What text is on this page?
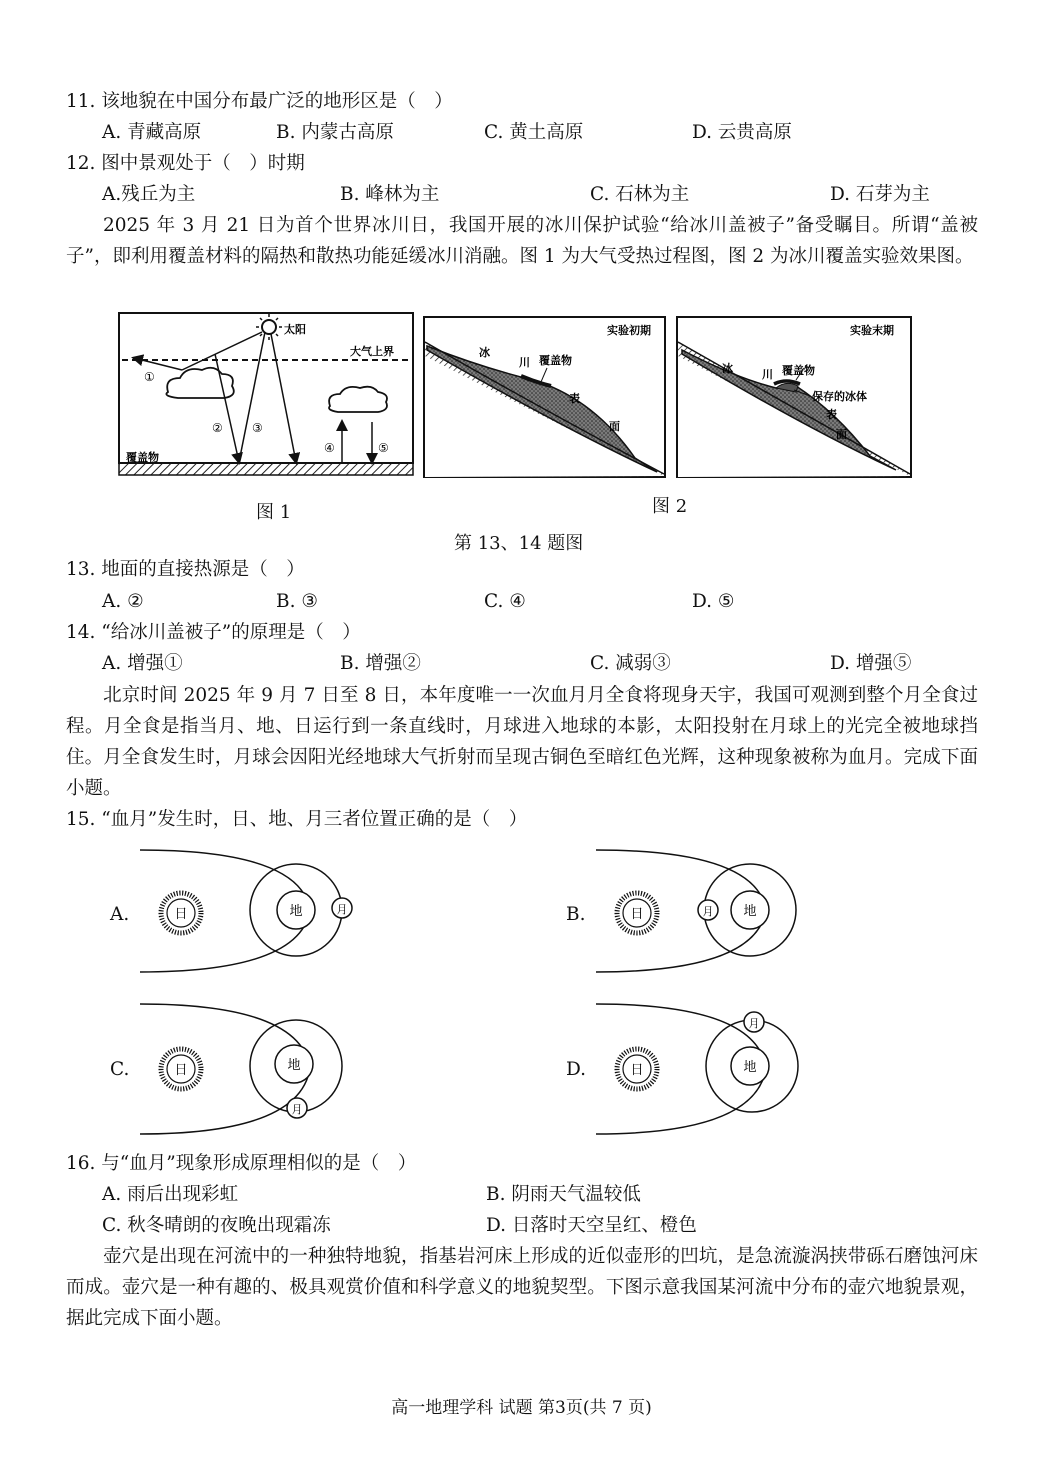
11. 该地貌在中国分布最广泛的地形区是（　）
A. 青藏高原	B. 内蒙古高原	C. 黄土高原	D. 云贵高原
12. 图中景观处于（　）时期
A.残丘为主	B. 峰林为主	C. 石林为主	D. 石芽为主
2025 年 3 月 21 日为首个世界冰川日，我国开展的冰川保护试验“给冰川盖被子”备受瞩目。所谓“盖被子”，即利用覆盖材料的隔热和散热功能延缓冰川消融。图 1 为大气受热过程图，图 2 为冰川覆盖实验效果图。
太阳
大气上界
①
② ③
④	⑤
覆盖物
实验初期
冰
川 覆盖物
表
面
实验末期
冰	川 覆盖物
保存的冰体
表
面
图 1	图 2
第 13、14 题图
13. 地面的直接热源是（　）
A. ②	B. ③	C. ④	D. ⑤
14. “给冰川盖被子”的原理是（　）
A. 增强①	B. 增强②	C. 减弱③	D. 增强⑤
北京时间 2025 年 9 月 7 日至 8 日，本年度唯一一次血月月全食将现身天宇，我国可观测到整个月全食过程。月全食是指当月、地、日运行到一条直线时，月球进入地球的本影，太阳投射在月球上的光完全被地球挡住。月全食发生时，月球会因阳光经地球大气折射而呈现古铜色至暗红色光辉，这种现象被称为血月。完成下面小题。
15. “血月”发生时，日、地、月三者位置正确的是（　）
A.	B.
C.	D.
日	地	月	日	地
月
日	地
月
日	地
月
16. 与“血月”现象形成原理相似的是（　）
A. 雨后出现彩虹	B. 阴雨天气温较低
C. 秋冬晴朗的夜晚出现霜冻	D. 日落时天空呈红、橙色
壶穴是出现在河流中的一种独特地貌，指基岩河床上形成的近似壶形的凹坑，是急流漩涡挟带砾石磨蚀河床而成。壶穴是一种有趣的、极具观赏价值和科学意义的地貌契型。下图示意我国某河流中分布的壶穴地貌景观，据此完成下面小题。
高一地理学科 试题 第3页(共 7 页)
